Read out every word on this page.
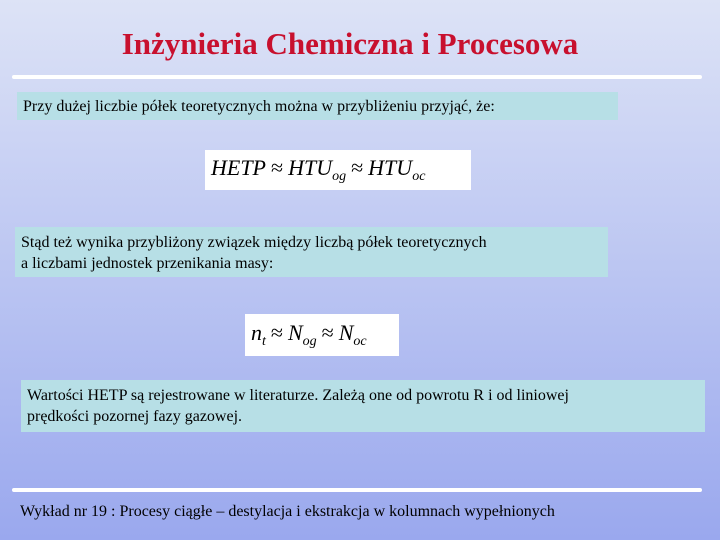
Inżynieria Chemiczna i Procesowa
Przy dużej liczbie półek teoretycznych można w przybliżeniu przyjąć, że:
HETP ≈ $HTU_{og} \approx HTU_{oc}$
Stąd też wynika przybliżony związek między liczbą półek teoretycznych
a liczbami jednostek przenikania masy:
$n_t \approx N_{og} \approx N_{oc}$
Wartości HETP są rejestrowane w literaturze. Zależą one od powrotu R i od liniowej
prędkości pozornej fazy gazowej.
Wykład nr 19 : Procesy ciągłe – destylacja i ekstrakcja w kolumnach wypełnionych
